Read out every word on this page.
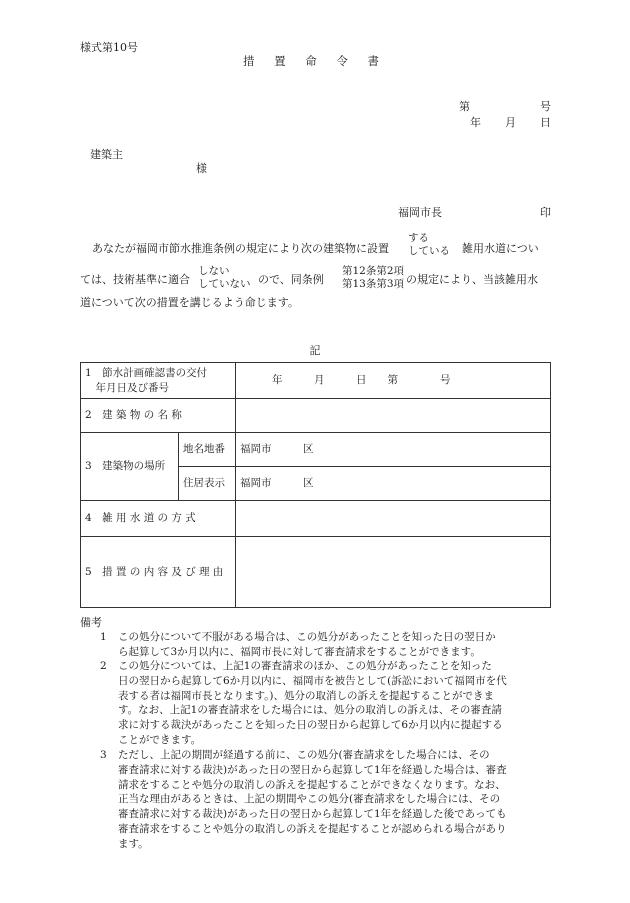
様式第10号
措 置 命 令 書
第	号
年 月 日
建築主
様
福岡市長	印
あなたが福岡市節水推進条例の規定により次の建築物に設置
する
している 雑用水道につい
ては、技術基準に適合
しない
していない ので、同条例
第12条第2項
第13条第3項 の規定により、当該雑用水
道について次の措置を講じるよう命じます。
記
1　節水計画確認書の交付
　年月日及び番号		年　　　月　　　日　　第　　　　号
2　建 築 物 の 名 称		
3　建築物の場所	地名地番	福岡市　　　区
	住居表示	福岡市　　　区
4　雑 用 水 道 の 方 式		
5　措 置 の 内 容 及 び 理 由		
備考
1 この処分について不服がある場合は、この処分があったことを知った日の翌日か
ら起算して3か月以内に、福岡市長に対して審査請求をすることができます。
2 この処分については、上記1の審査請求のほか、この処分があったことを知った
日の翌日から起算して6か月以内に、福岡市を被告として(訴訟において福岡市を代
表する者は福岡市長となります。)、処分の取消しの訴えを提起することができま
す。なお、上記1の審査請求をした場合には、処分の取消しの訴えは、その審査請
求に対する裁決があったことを知った日の翌日から起算して6か月以内に提起する
ことができます。
3 ただし、上記の期間が経過する前に、この処分(審査請求をした場合には、その
審査請求に対する裁決)があった日の翌日から起算して1年を経過した場合は、審査
請求をすることや処分の取消しの訴えを提起することができなくなります。なお、
正当な理由があるときは、上記の期間やこの処分(審査請求をした場合には、その
審査請求に対する裁決)があった日の翌日から起算して1年を経過した後であっても
審査請求をすることや処分の取消しの訴えを提起することが認められる場合があり
ます。
